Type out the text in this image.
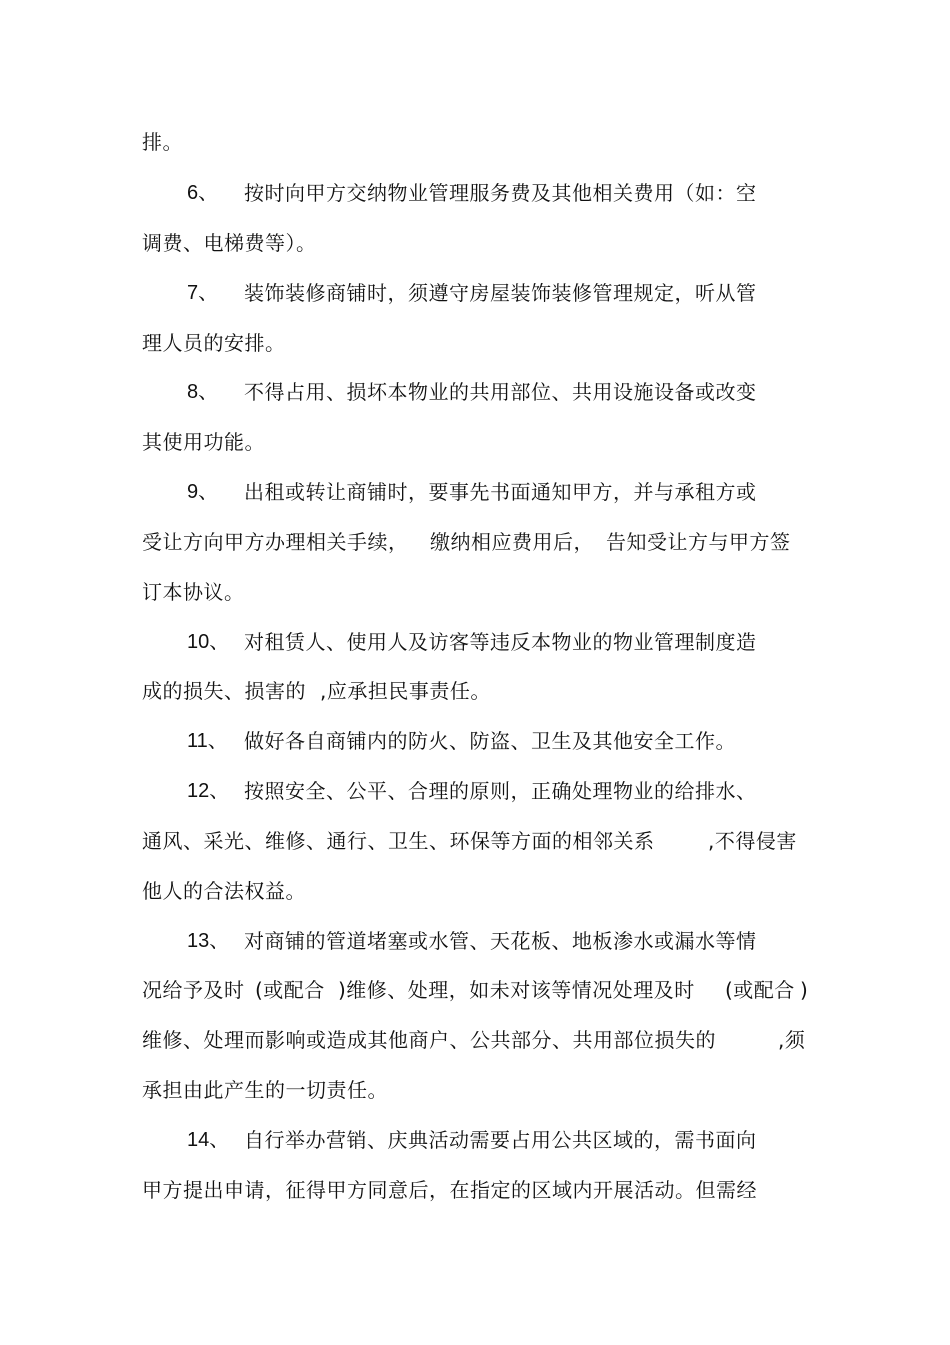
排。
6、 按时向甲方交纳物业管理服务费及其他相关费用（如：空
调费、电梯费等）。
7、 装饰装修商铺时，须遵守房屋装饰装修管理规定，听从管
理人员的安排。
8、 不得占用、损坏本物业的共用部位、共用设施设备或改变
其使用功能。
9、 出租或转让商铺时，要事先书面通知甲方，并与承租方或
受让方向甲方办理相关手续， 缴纳相应费用后， 告知受让方与甲方签
订本协议。
10、 对租赁人、使用人及访客等违反本物业的物业管理制度造
成的损失、损害的 ,应承担民事责任。
11、 做好各自商铺内的防火、防盗、卫生及其他安全工作。
12、 按照安全、公平、合理的原则，正确处理物业的给排水、
通风、采光、维修、通行、卫生、环保等方面的相邻关系	,不得侵害
他人的合法权益。
13、 对商铺的管道堵塞或水管、天花板、地板渗水或漏水等情
况给予及时 (或配合 )维修、处理，如未对该等情况处理及时 (或配合 )
维修、处理而影响或造成其他商户、公共部分、共用部位损失的	,须
承担由此产生的一切责任。
14、 自行举办营销、庆典活动需要占用公共区域的，需书面向
甲方提出申请，征得甲方同意后，在指定的区域内开展活动。但需经
